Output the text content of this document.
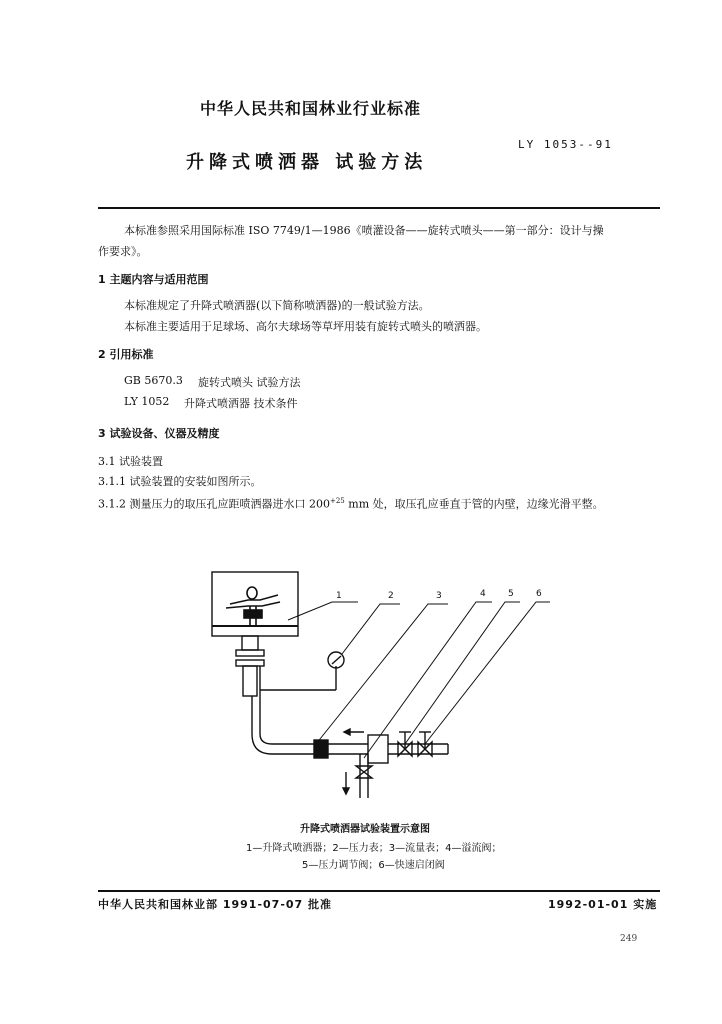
中华人民共和国林业行业标准
LY 1053--91
升降式喷洒器 试验方法
本标准参照采用国际标准 ISO 7749/1—1986《喷灌设备——旋转式喷头——第一部分：设计与操
作要求》。
1 主题内容与适用范围
本标准规定了升降式喷洒器(以下简称喷洒器)的一般试验方法。
本标准主要适用于足球场、高尔夫球场等草坪用装有旋转式喷头的喷洒器。
2 引用标准
GB 5670.3 旋转式喷头 试验方法
LY 1052 升降式喷洒器 技术条件
3 试验设备、仪器及精度
3.1 试验装置
3.1.1 试验装置的安装如图所示。
3.1.2 测量压力的取压孔应距喷洒器进水口 $200^{+25}$ mm 处，取压孔应垂直于管的内壁，边缘光滑平整。
1	2	3	4 5 6
升降式喷洒器试验装置示意图
1—升降式喷洒器；2—压力表；3—流量表；4—溢流阀；
5—压力调节阀；6—快速启闭阀
中华人民共和国林业部 1991-07-07 批准	1992-01-01 实施
249
